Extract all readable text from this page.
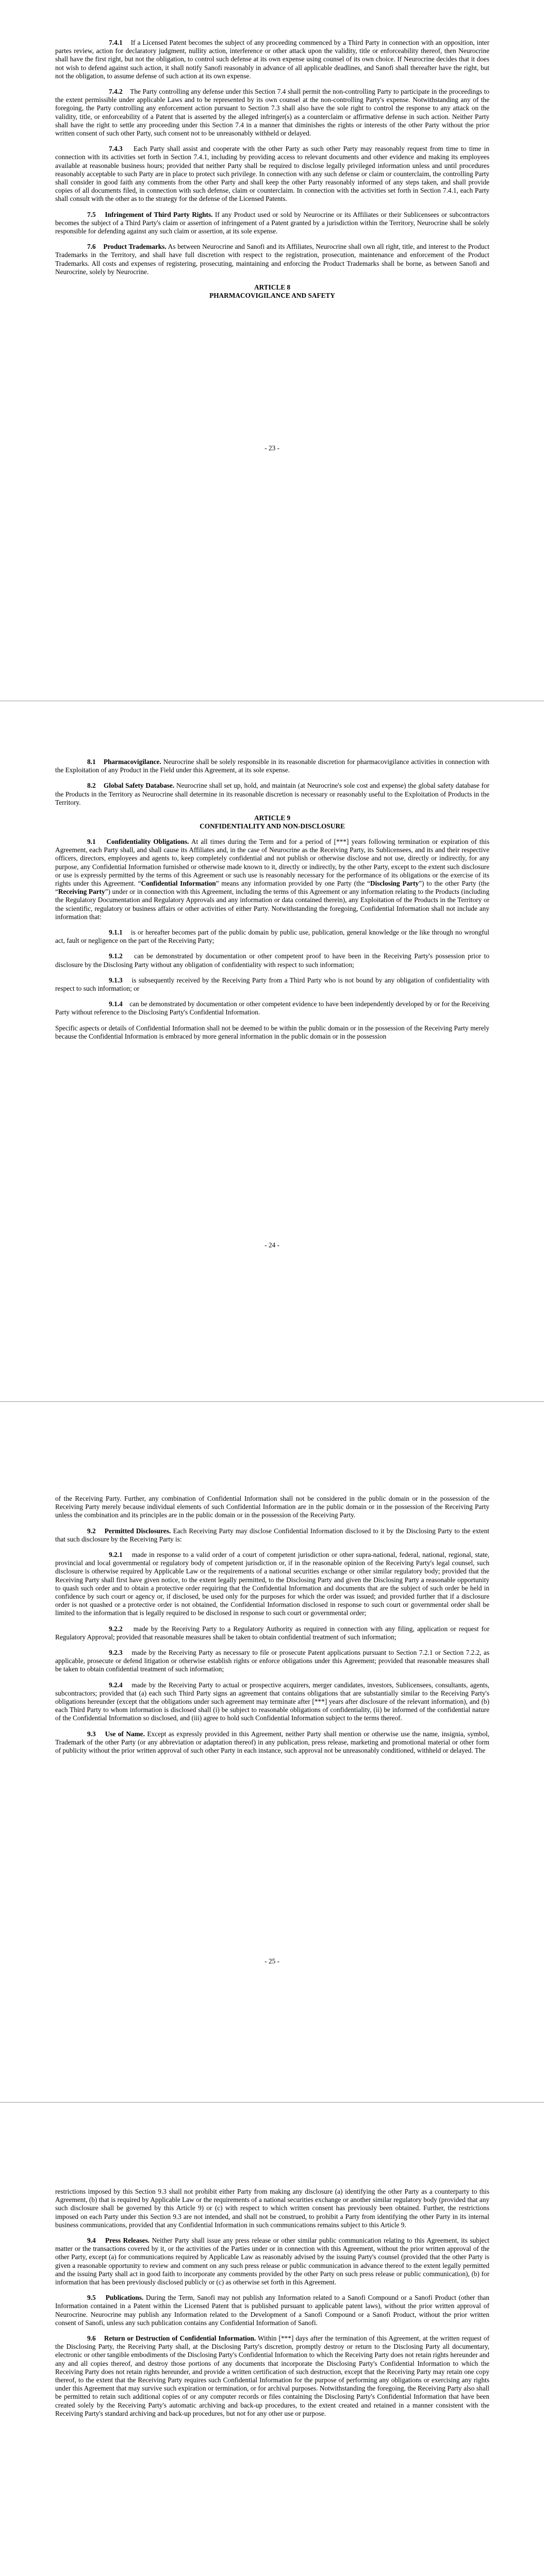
7.4.1 If a Licensed Patent becomes the subject of any proceeding commenced by a Third Party in connection with an opposition, inter partes review, action for declaratory judgment, nullity action, interference or other attack upon the validity, title or enforceability thereof, then Neurocrine shall have the first right, but not the obligation, to control such defense at its own expense using counsel of its own choice. If Neurocrine decides that it does not wish to defend against such action, it shall notify Sanofi reasonably in advance of all applicable deadlines, and Sanofi shall thereafter have the right, but not the obligation, to assume defense of such action at its own expense.

7.4.2 The Party controlling any defense under this Section 7.4 shall permit the non-controlling Party to participate in the proceedings to the extent permissible under applicable Laws and to be represented by its own counsel at the non-controlling Party's expense. Notwithstanding any of the foregoing, the Party controlling any enforcement action pursuant to Section 7.3 shall also have the sole right to control the response to any attack on the validity, title, or enforceability of a Patent that is asserted by the alleged infringer(s) as a counterclaim or affirmative defense in such action. Neither Party shall have the right to settle any proceeding under this Section 7.4 in a manner that diminishes the rights or interests of the other Party without the prior written consent of such other Party, such consent not to be unreasonably withheld or delayed.

7.4.3 Each Party shall assist and cooperate with the other Party as such other Party may reasonably request from time to time in connection with its activities set forth in Section 7.4.1, including by providing access to relevant documents and other evidence and making its employees available at reasonable business hours; provided that neither Party shall be required to disclose legally privileged information unless and until procedures reasonably acceptable to such Party are in place to protect such privilege. In connection with any such defense or claim or counterclaim, the controlling Party shall consider in good faith any comments from the other Party and shall keep the other Party reasonably informed of any steps taken, and shall provide copies of all documents filed, in connection with such defense, claim or counterclaim. In connection with the activities set forth in Section 7.4.1, each Party shall consult with the other as to the strategy for the defense of the Licensed Patents.

7.5 Infringement of Third Party Rights. If any Product used or sold by Neurocrine or its Affiliates or their Sublicensees or subcontractors becomes the subject of a Third Party's claim or assertion of infringement of a Patent granted by a jurisdiction within the Territory, Neurocrine shall be solely responsible for defending against any such claim or assertion, at its sole expense.

7.6 Product Trademarks. As between Neurocrine and Sanofi and its Affiliates, Neurocrine shall own all right, title, and interest to the Product Trademarks in the Territory, and shall have full discretion with respect to the registration, prosecution, maintenance and enforcement of the Product Trademarks. All costs and expenses of registering, prosecuting, maintaining and enforcing the Product Trademarks shall be borne, as between Sanofi and Neurocrine, solely by Neurocrine.

ARTICLE 8

PHARMACOVIGILANCE AND SAFETY

- 23 -

8.1 Pharmacovigilance. Neurocrine shall be solely responsible in its reasonable discretion for pharmacovigilance activities in connection with the Exploitation of any Product in the Field under this Agreement, at its sole expense.

8.2 Global Safety Database. Neurocrine shall set up, hold, and maintain (at Neurocrine's sole cost and expense) the global safety database for the Products in the Territory as Neurocrine shall determine in its reasonable discretion is necessary or reasonably useful to the Exploitation of Products in the Territory.

ARTICLE 9

CONFIDENTIALITY AND NON-DISCLOSURE

9.1 Confidentiality Obligations. At all times during the Term and for a period of [***] years following termination or expiration of this Agreement, each Party shall, and shall cause its Affiliates and, in the case of Neurocrine as the Receiving Party, its Sublicensees, and its and their respective officers, directors, employees and agents to, keep completely confidential and not publish or otherwise disclose and not use, directly or indirectly, for any purpose, any Confidential Information furnished or otherwise made known to it, directly or indirectly, by the other Party, except to the extent such disclosure or use is expressly permitted by the terms of this Agreement or such use is reasonably necessary for the performance of its obligations or the exercise of its rights under this Agreement. “Confidential Information” means any information provided by one Party (the “Disclosing Party”) to the other Party (the “Receiving Party”) under or in connection with this Agreement, including the terms of this Agreement or any information relating to the Products (including the Regulatory Documentation and Regulatory Approvals and any information or data contained therein), any Exploitation of the Products in the Territory or the scientific, regulatory or business affairs or other activities of either Party. Notwithstanding the foregoing, Confidential Information shall not include any information that:

9.1.1 is or hereafter becomes part of the public domain by public use, publication, general knowledge or the like through no wrongful act, fault or negligence on the part of the Receiving Party;

9.1.2 can be demonstrated by documentation or other competent proof to have been in the Receiving Party's possession prior to disclosure by the Disclosing Party without any obligation of confidentiality with respect to such information;

9.1.3 is subsequently received by the Receiving Party from a Third Party who is not bound by any obligation of confidentiality with respect to such information; or

9.1.4 can be demonstrated by documentation or other competent evidence to have been independently developed by or for the Receiving Party without reference to the Disclosing Party's Confidential Information.

Specific aspects or details of Confidential Information shall not be deemed to be within the public domain or in the possession of the Receiving Party merely because the Confidential Information is embraced by more general information in the public domain or in the possession

- 24 -

of the Receiving Party. Further, any combination of Confidential Information shall not be considered in the public domain or in the possession of the Receiving Party merely because individual elements of such Confidential Information are in the public domain or in the possession of the Receiving Party unless the combination and its principles are in the public domain or in the possession of the Receiving Party.

9.2 Permitted Disclosures. Each Receiving Party may disclose Confidential Information disclosed to it by the Disclosing Party to the extent that such disclosure by the Receiving Party is:

9.2.1 made in response to a valid order of a court of competent jurisdiction or other supra-national, federal, national, regional, state, provincial and local governmental or regulatory body of competent jurisdiction or, if in the reasonable opinion of the Receiving Party's legal counsel, such disclosure is otherwise required by Applicable Law or the requirements of a national securities exchange or other similar regulatory body; provided that the Receiving Party shall first have given notice, to the extent legally permitted, to the Disclosing Party and given the Disclosing Party a reasonable opportunity to quash such order and to obtain a protective order requiring that the Confidential Information and documents that are the subject of such order be held in confidence by such court or agency or, if disclosed, be used only for the purposes for which the order was issued; and provided further that if a disclosure order is not quashed or a protective order is not obtained, the Confidential Information disclosed in response to such court or governmental order shall be limited to the information that is legally required to be disclosed in response to such court or governmental order;

9.2.2 made by the Receiving Party to a Regulatory Authority as required in connection with any filing, application or request for Regulatory Approval; provided that reasonable measures shall be taken to obtain confidential treatment of such information;

9.2.3 made by the Receiving Party as necessary to file or prosecute Patent applications pursuant to Section 7.2.1 or Section 7.2.2, as applicable, prosecute or defend litigation or otherwise establish rights or enforce obligations under this Agreement; provided that reasonable measures shall be taken to obtain confidential treatment of such information;

9.2.4 made by the Receiving Party to actual or prospective acquirers, merger candidates, investors, Sublicensees, consultants, agents, subcontractors; provided that (a) each such Third Party signs an agreement that contains obligations that are substantially similar to the Receiving Party's obligations hereunder (except that the obligations under such agreement may terminate after [***] years after disclosure of the relevant information), and (b) each Third Party to whom information is disclosed shall (i) be subject to reasonable obligations of confidentiality, (ii) be informed of the confidential nature of the Confidential Information so disclosed, and (iii) agree to hold such Confidential Information subject to the terms thereof.

9.3 Use of Name. Except as expressly provided in this Agreement, neither Party shall mention or otherwise use the name, insignia, symbol, Trademark of the other Party (or any abbreviation or adaptation thereof) in any publication, press release, marketing and promotional material or other form of publicity without the prior written approval of such other Party in each instance, such approval not be unreasonably conditioned, withheld or delayed. The

- 25 -

restrictions imposed by this Section 9.3 shall not prohibit either Party from making any disclosure (a) identifying the other Party as a counterparty to this Agreement, (b) that is required by Applicable Law or the requirements of a national securities exchange or another similar regulatory body (provided that any such disclosure shall be governed by this Article 9) or (c) with respect to which written consent has previously been obtained. Further, the restrictions imposed on each Party under this Section 9.3 are not intended, and shall not be construed, to prohibit a Party from identifying the other Party in its internal business communications, provided that any Confidential Information in such communications remains subject to this Article 9.

9.4 Press Releases. Neither Party shall issue any press release or other similar public communication relating to this Agreement, its subject matter or the transactions covered by it, or the activities of the Parties under or in connection with this Agreement, without the prior written approval of the other Party, except (a) for communications required by Applicable Law as reasonably advised by the issuing Party's counsel (provided that the other Party is given a reasonable opportunity to review and comment on any such press release or public communication in advance thereof to the extent legally permitted and the issuing Party shall act in good faith to incorporate any comments provided by the other Party on such press release or public communication), (b) for information that has been previously disclosed publicly or (c) as otherwise set forth in this Agreement.

9.5 Publications. During the Term, Sanofi may not publish any Information related to a Sanofi Compound or a Sanofi Product (other than Information contained in a Patent within the Licensed Patent that is published pursuant to applicable patent laws), without the prior written approval of Neurocrine. Neurocrine may publish any Information related to the Development of a Sanofi Compound or a Sanofi Product, without the prior written consent of Sanofi, unless any such publication contains any Confidential Information of Sanofi.

9.6 Return or Destruction of Confidential Information. Within [***] days after the termination of this Agreement, at the written request of the Disclosing Party, the Receiving Party shall, at the Disclosing Party's discretion, promptly destroy or return to the Disclosing Party all documentary, electronic or other tangible embodiments of the Disclosing Party's Confidential Information to which the Receiving Party does not retain rights hereunder and any and all copies thereof, and destroy those portions of any documents that incorporate the Disclosing Party's Confidential Information to which the Receiving Party does not retain rights hereunder, and provide a written certification of such destruction, except that the Receiving Party may retain one copy thereof, to the extent that the Receiving Party requires such Confidential Information for the purpose of performing any obligations or exercising any rights under this Agreement that may survive such expiration or termination, or for archival purposes. Notwithstanding the foregoing, the Receiving Party also shall be permitted to retain such additional copies of or any computer records or files containing the Disclosing Party's Confidential Information that have been created solely by the Receiving Party's automatic archiving and back-up procedures, to the extent created and retained in a manner consistent with the Receiving Party's standard archiving and back-up procedures, but not for any other use or purpose.
